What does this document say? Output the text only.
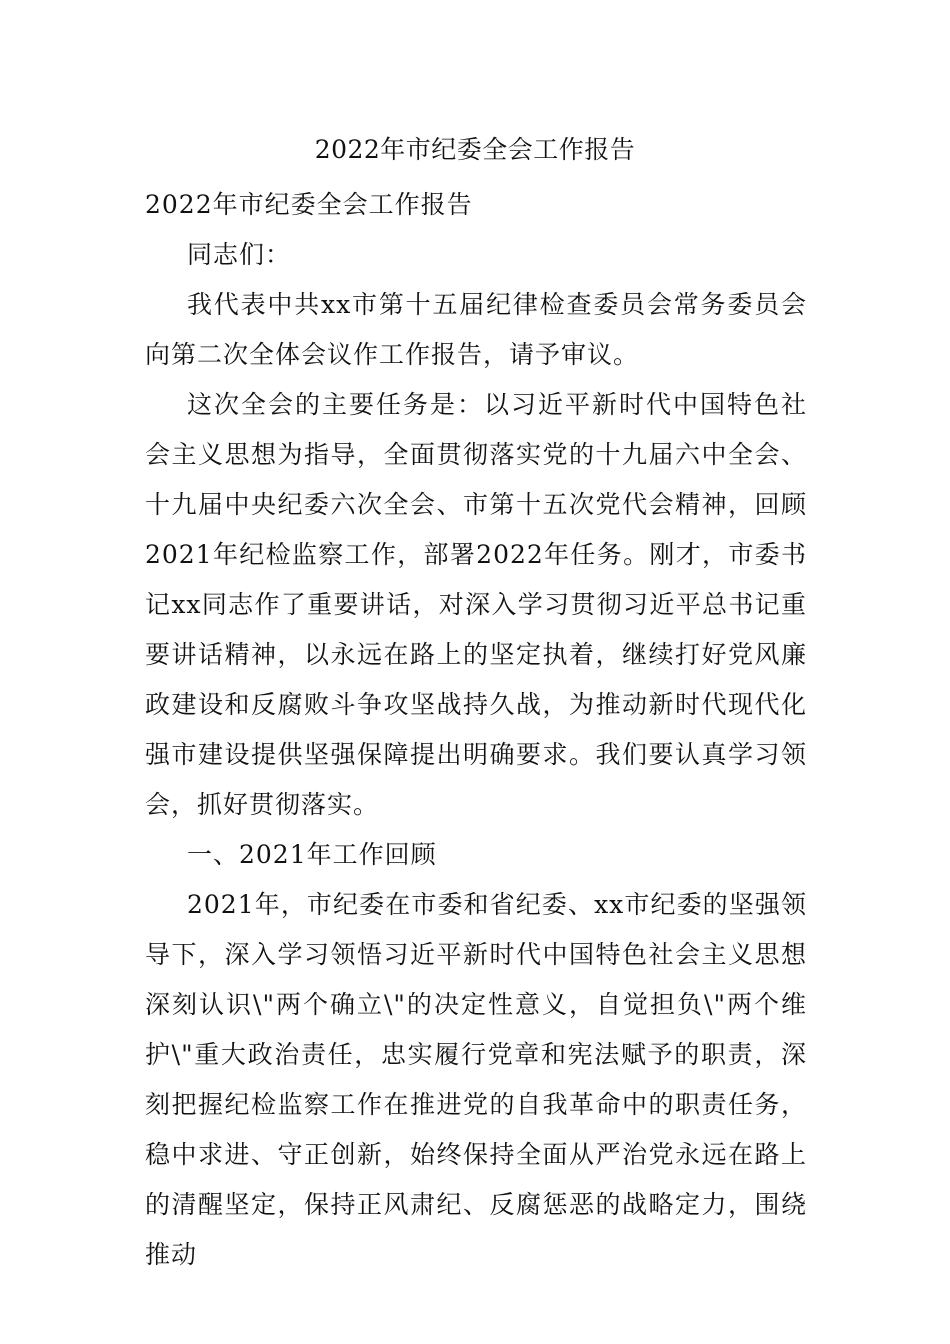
2022年市纪委全会工作报告

2022年市纪委全会工作报告

同志们：

我代表中共xx市第十五届纪律检查委员会常务委员会向第二次全体会议作工作报告，请予审议。

这次全会的主要任务是：以习近平新时代中国特色社会主义思想为指导，全面贯彻落实党的十九届六中全会、十九届中央纪委六次全会、市第十五次党代会精神，回顾2021年纪检监察工作，部署2022年任务。刚才，市委书记xx同志作了重要讲话，对深入学习贯彻习近平总书记重要讲话精神，以永远在路上的坚定执着，继续打好党风廉政建设和反腐败斗争攻坚战持久战，为推动新时代现代化强市建设提供坚强保障提出明确要求。我们要认真学习领会，抓好贯彻落实。

一、2021年工作回顾

2021年，市纪委在市委和省纪委、xx市纪委的坚强领导下，深入学习领悟习近平新时代中国特色社会主义思想深刻认识\"两个确立\"的决定性意义，自觉担负\"两个维护\"重大政治责任，忠实履行党章和宪法赋予的职责，深刻把握纪检监察工作在推进党的自我革命中的职责任务，稳中求进、守正创新，始终保持全面从严治党永远在路上的清醒坚定，保持正风肃纪、反腐惩恶的战略定力，围绕推动
